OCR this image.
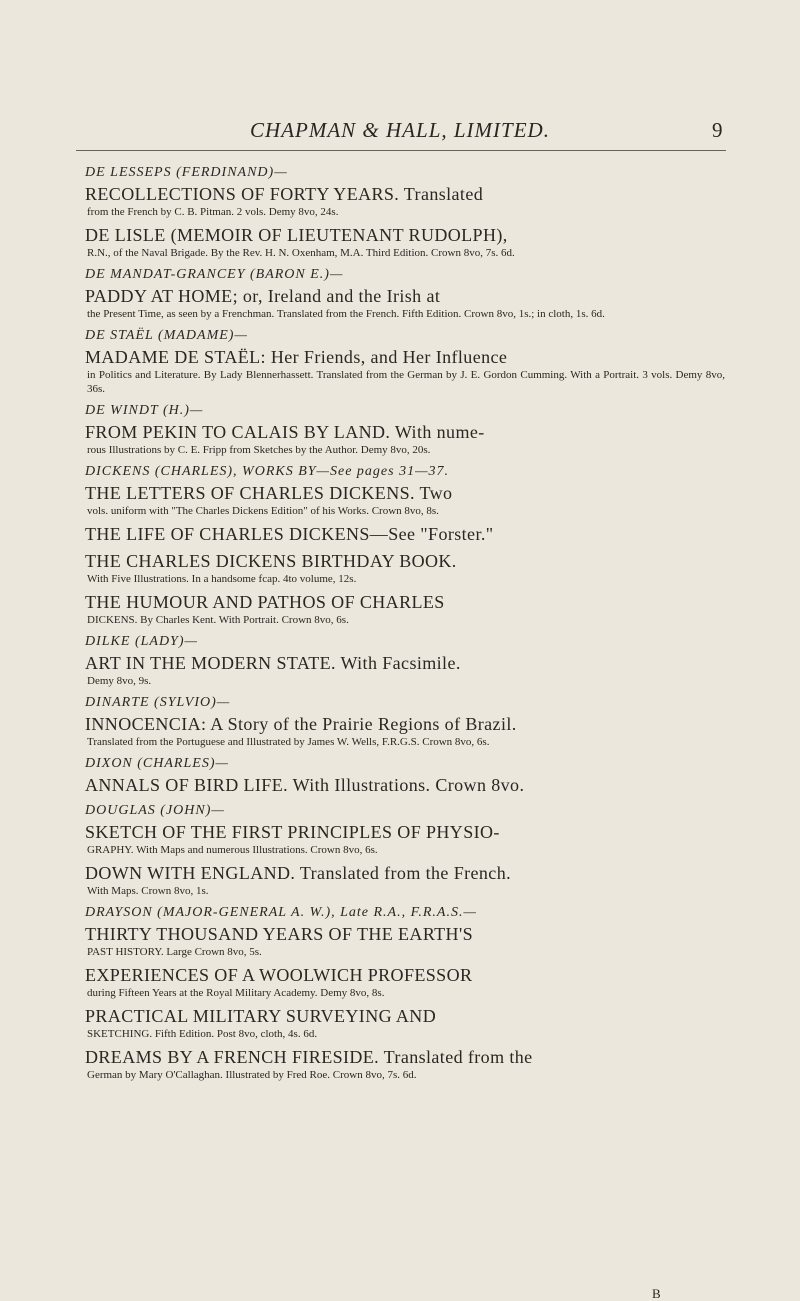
CHAPMAN & HALL, LIMITED.	9

DE LESSEPS (FERDINAND)—

RECOLLECTIONS OF FORTY YEARS. Translated

from the French by C. B. Pitman. 2 vols. Demy 8vo, 24s.

DE LISLE (MEMOIR OF LIEUTENANT RUDOLPH),

R.N., of the Naval Brigade. By the Rev. H. N. Oxenham, M.A. Third Edition. Crown 8vo, 7s. 6d.

DE MANDAT-GRANCEY (BARON E.)—

PADDY AT HOME; or, Ireland and the Irish at

the Present Time, as seen by a Frenchman. Translated from the French. Fifth Edition. Crown 8vo, 1s.; in cloth, 1s. 6d.

DE STAËL (MADAME)—

MADAME DE STAËL: Her Friends, and Her Influence

in Politics and Literature. By Lady Blennerhassett. Translated from the German by J. E. Gordon Cumming. With a Portrait. 3 vols. Demy 8vo, 36s.

DE WINDT (H.)—

FROM PEKIN TO CALAIS BY LAND. With nume-

rous Illustrations by C. E. Fripp from Sketches by the Author. Demy 8vo, 20s.

DICKENS (CHARLES), WORKS BY—See pages 31—37.

THE LETTERS OF CHARLES DICKENS. Two

vols. uniform with "The Charles Dickens Edition" of his Works. Crown 8vo, 8s.

THE LIFE OF CHARLES DICKENS—See "Forster."

THE CHARLES DICKENS BIRTHDAY BOOK.

With Five Illustrations. In a handsome fcap. 4to volume, 12s.

THE HUMOUR AND PATHOS OF CHARLES

DICKENS. By Charles Kent. With Portrait. Crown 8vo, 6s.

DILKE (LADY)—

ART IN THE MODERN STATE. With Facsimile.

Demy 8vo, 9s.

DINARTE (SYLVIO)—

INNOCENCIA: A Story of the Prairie Regions of Brazil.

Translated from the Portuguese and Illustrated by James W. Wells, F.R.G.S. Crown 8vo, 6s.

DIXON (CHARLES)—

ANNALS OF BIRD LIFE. With Illustrations. Crown 8vo.

DOUGLAS (JOHN)—

SKETCH OF THE FIRST PRINCIPLES OF PHYSIO-

GRAPHY. With Maps and numerous Illustrations. Crown 8vo, 6s.

DOWN WITH ENGLAND. Translated from the French.

With Maps. Crown 8vo, 1s.

DRAYSON (MAJOR-GENERAL A. W.), Late R.A., F.R.A.S.—

THIRTY THOUSAND YEARS OF THE EARTH'S

PAST HISTORY. Large Crown 8vo, 5s.

EXPERIENCES OF A WOOLWICH PROFESSOR

during Fifteen Years at the Royal Military Academy. Demy 8vo, 8s.

PRACTICAL MILITARY SURVEYING AND

SKETCHING. Fifth Edition. Post 8vo, cloth, 4s. 6d.

DREAMS BY A FRENCH FIRESIDE. Translated from the

German by Mary O'Callaghan. Illustrated by Fred Roe. Crown 8vo, 7s. 6d.

B
